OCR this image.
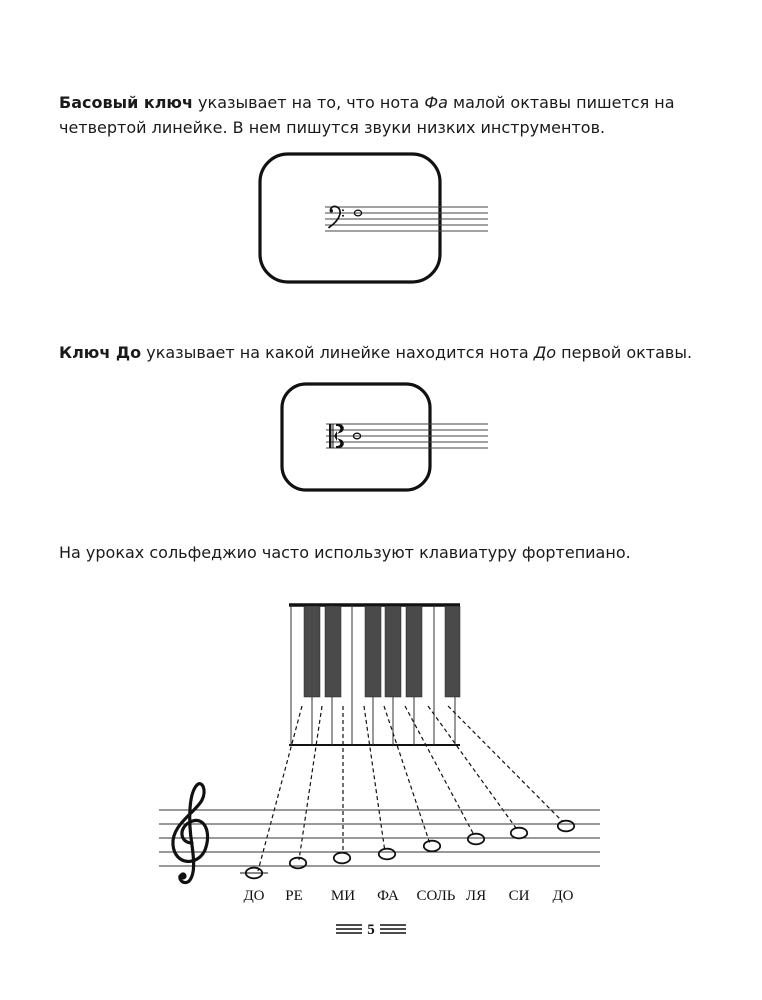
Басовый ключ указывает на то, что нота Фа малой октавы пишется на четвертой линейке. В нем пишутся звуки низких инструментов.
Ключ До указывает на какой линейке находится нота До первой октавы.
На уроках сольфеджио часто используют клавиатуру фортепиано.
ДО РЕ МИ ФА СОЛЬ ЛЯ СИ ДО
5
